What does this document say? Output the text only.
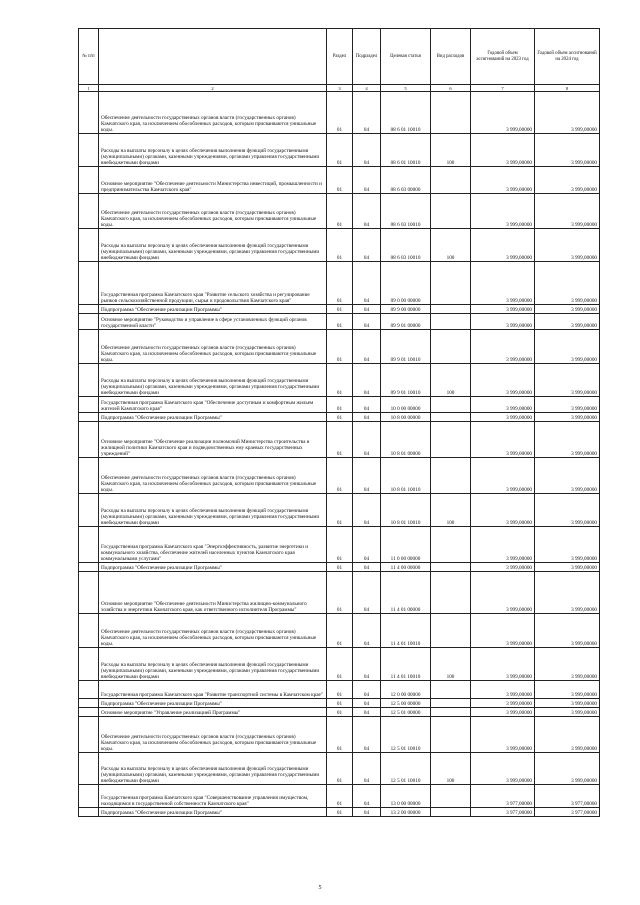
№ п/п		Раздел	Подраздел	Целевая статья	Вид расходов	Годовой объем ассигнований на 2023 год	Годовой объем ассигнований на 2024 год
1	2	3	4	5	6	7	8
	Обеспечение деятельности государственных органов власти (государственных органов) Камчатского края, за исключением обособленных расходов, которым присваиваются уникальные коды.	01	04	08 6 01 10010		3 999,00000	3 999,00000
	Расходы на выплаты персоналу в целях обеспечения выполнения функций государственными (муниципальными) органами, казенными учреждениями, органами управления государственными внебюджетными фондами	01	04	08 6 01 10010	100	3 999,00000	3 999,00000
	Основное мероприятие "Обеспечение деятельности Министерства инвестиций, промышленности и предпринимательства Камчатского края"	01	04	08 6 03 00000		3 999,00000	3 999,00000
	Обеспечение деятельности государственных органов власти (государственных органов) Камчатского края, за исключением обособленных расходов, которым присваиваются уникальные коды.	01	04	08 6 03 10010		3 999,00000	3 999,00000
	Расходы на выплаты персоналу в целях обеспечения выполнения функций государственными (муниципальными) органами, казенными учреждениями, органами управления государственными внебюджетными фондами	01	04	08 6 03 10010	100	3 999,00000	3 999,00000
	Государственная программа Камчатского края "Развитие сельского хозяйства и регулирование рынков сельскохозяйственной продукции, сырья и продовольствия Камчатского края"	01	04	09 0 00 00000		3 999,00000	3 999,00000
	Подпрограмма "Обеспечение реализации Программы"	01	04	09 9 00 00000		3 999,00000	3 999,00000
	Основное мероприятие "Руководство и управление в сфере установленных функций органов государственной власти"	01	04	09 9 01 00000		3 999,00000	3 999,00000
	Обеспечение деятельности государственных органов власти (государственных органов) Камчатского края, за исключением обособленных расходов, которым присваиваются уникальные коды.	01	04	09 9 01 10010		3 999,00000	3 999,00000
	Расходы на выплаты персоналу в целях обеспечения выполнения функций государственными (муниципальными) органами, казенными учреждениями, органами управления государственными внебюджетными фондами	01	04	09 9 01 10010	100	3 999,00000	3 999,00000
	Государственная программа Камчатского края "Обеспечение доступным и комфортным жильем жителей Камчатского края"	01	04	10 0 00 00000		3 999,00000	3 999,00000
	Подпрограмма "Обеспечение реализации Программы"	01	04	10 8 00 00000		3 999,00000	3 999,00000
	Основное мероприятие "Обеспечение реализации полномочий Министерства строительства и жилищной политики Камчатского края и подведомственных ему краевых государственных учреждений"	01	04	10 8 01 00000		3 999,00000	3 999,00000
	Обеспечение деятельности государственных органов власти (государственных органов) Камчатского края, за исключением обособленных расходов, которым присваиваются уникальные коды.	01	04	10 8 01 10010		3 999,00000	3 999,00000
	Расходы на выплаты персоналу в целях обеспечения выполнения функций государственными (муниципальными) органами, казенными учреждениями, органами управления государственными внебюджетными фондами	01	04	10 8 01 10010	100	3 999,00000	3 999,00000
	Государственная программа Камчатского края "Энергоэффективность, развитие энергетики и коммунального хозяйства, обеспечение жителей населенных пунктов Камчатского края коммунальными услугами"	01	04	11 0 00 00000		3 999,00000	3 999,00000
	Подпрограмма "Обеспечение реализации Программы"	01	04	11 4 00 00000		3 999,00000	3 999,00000
	Основное мероприятие "Обеспечение деятельности Министерства жилищно-коммунального хозяйства и энергетики Камчатского края, как ответственного исполнителя Программы"	01	04	11 4 01 00000		3 999,00000	3 999,00000
	Обеспечение деятельности государственных органов власти (государственных органов) Камчатского края, за исключением обособленных расходов, которым присваиваются уникальные коды.	01	04	11 4 01 10010		3 999,00000	3 999,00000
	Расходы на выплаты персоналу в целях обеспечения выполнения функций государственными (муниципальными) органами, казенными учреждениями, органами управления государственными внебюджетными фондами	01	04	11 4 01 10010	100	3 999,00000	3 999,00000
	Государственная программа Камчатского края "Развитие транспортной системы в Камчатском крае"	01	04	12 0 00 00000		3 999,00000	3 999,00000
	Подпрограмма "Обеспечение реализации Программы"	01	04	12 5 00 00000		3 999,00000	3 999,00000
	Основное мероприятие "Управление реализацией Программы"	01	04	12 5 01 00000		3 999,00000	3 999,00000
	Обеспечение деятельности государственных органов власти (государственных органов) Камчатского края, за исключением обособленных расходов, которым присваиваются уникальные коды.	01	04	12 5 01 10010		3 999,00000	3 999,00000
	Расходы на выплаты персоналу в целях обеспечения выполнения функций государственными (муниципальными) органами, казенными учреждениями, органами управления государственными внебюджетными фондами	01	04	12 5 01 10010	100	3 999,00000	3 999,00000
	Государственная программа Камчатского края "Совершенствование управления имуществом, находящимся в государственной собственности Камчатского края"	01	04	13 0 00 00000		3 977,00000	3 977,00000
	Подпрограмма "Обеспечение реализации Программы"	01	04	13 2 00 00000		3 977,00000	3 977,00000
5
